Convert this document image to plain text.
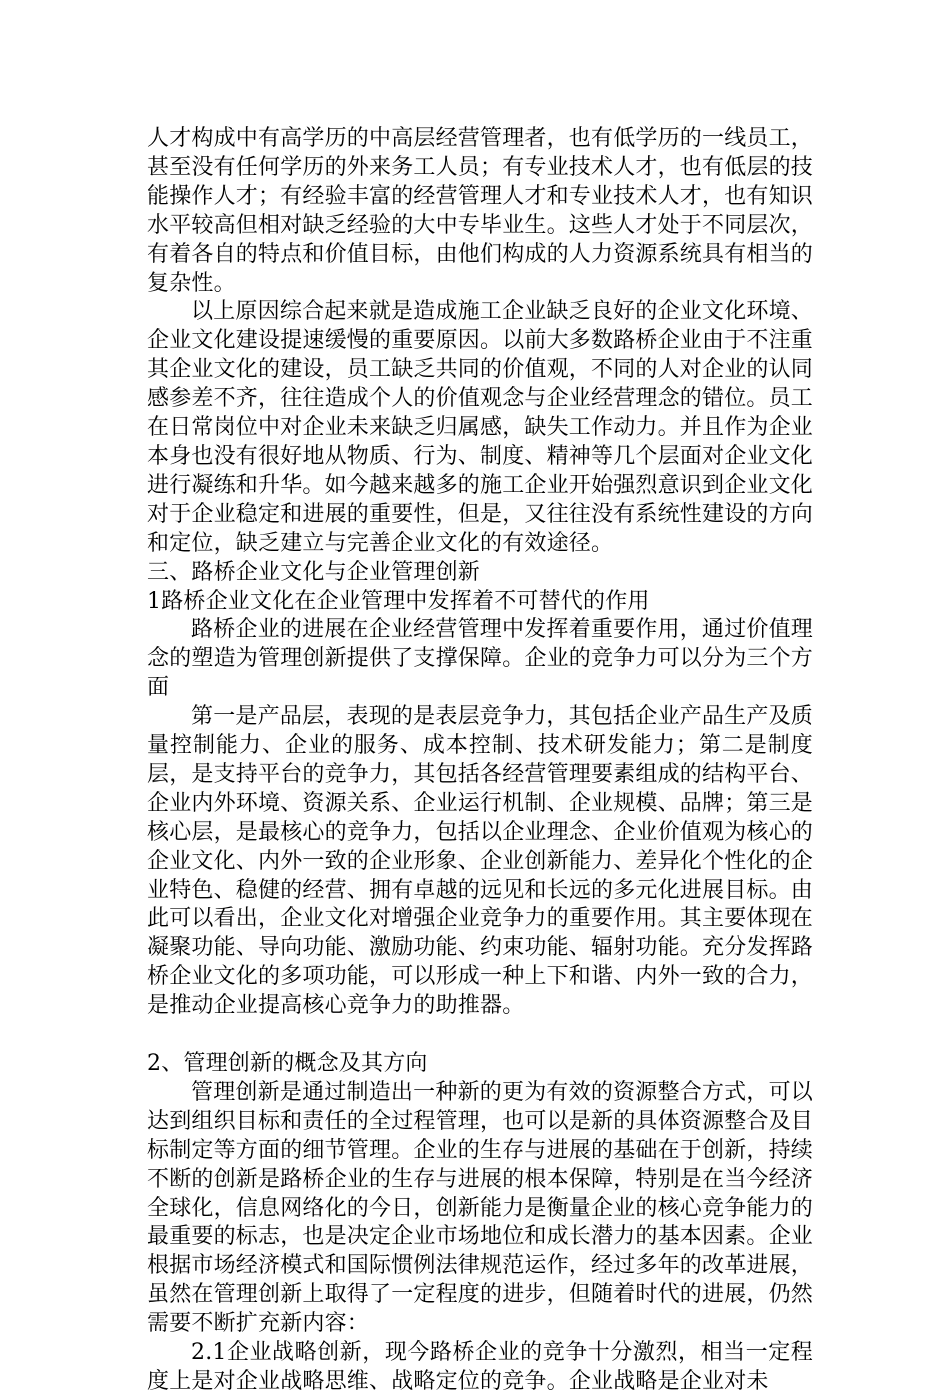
人才构成中有高学历的中高层经营管理者，也有低学历的一线员工，甚至没有任何学历的外来务工人员；有专业技术人才，也有低层的技能操作人才；有经验丰富的经营管理人才和专业技术人才，也有知识水平较高但相对缺乏经验的大中专毕业生。这些人才处于不同层次，有着各自的特点和价值目标，由他们构成的人力资源系统具有相当的复杂性。

以上原因综合起来就是造成施工企业缺乏良好的企业文化环境、企业文化建设提速缓慢的重要原因。以前大多数路桥企业由于不注重其企业文化的建设，员工缺乏共同的价值观，不同的人对企业的认同感参差不齐，往往造成个人的价值观念与企业经营理念的错位。员工在日常岗位中对企业未来缺乏归属感，缺失工作动力。并且作为企业本身也没有很好地从物质、行为、制度、精神等几个层面对企业文化进行凝练和升华。如今越来越多的施工企业开始强烈意识到企业文化对于企业稳定和进展的重要性，但是，又往往没有系统性建设的方向和定位，缺乏建立与完善企业文化的有效途径。

三、路桥企业文化与企业管理创新

1路桥企业文化在企业管理中发挥着不可替代的作用

路桥企业的进展在企业经营管理中发挥着重要作用，通过价值理念的塑造为管理创新提供了支撑保障。企业的竞争力可以分为三个方面

第一是产品层，表现的是表层竞争力，其包括企业产品生产及质量控制能力、企业的服务、成本控制、技术研发能力；第二是制度层，是支持平台的竞争力，其包括各经营管理要素组成的结构平台、企业内外环境、资源关系、企业运行机制、企业规模、品牌；第三是核心层，是最核心的竞争力，包括以企业理念、企业价值观为核心的企业文化、内外一致的企业形象、企业创新能力、差异化个性化的企业特色、稳健的经营、拥有卓越的远见和长远的多元化进展目标。由此可以看出，企业文化对增强企业竞争力的重要作用。其主要体现在凝聚功能、导向功能、激励功能、约束功能、辐射功能。充分发挥路桥企业文化的多项功能，可以形成一种上下和谐、内外一致的合力，是推动企业提高核心竞争力的助推器。

2、管理创新的概念及其方向

管理创新是通过制造出一种新的更为有效的资源整合方式，可以达到组织目标和责任的全过程管理，也可以是新的具体资源整合及目标制定等方面的细节管理。企业的生存与进展的基础在于创新，持续不断的创新是路桥企业的生存与进展的根本保障，特别是在当今经济全球化，信息网络化的今日，创新能力是衡量企业的核心竞争能力的最重要的标志，也是决定企业市场地位和成长潜力的基本因素。企业根据市场经济模式和国际惯例法律规范运作，经过多年的改革进展，虽然在管理创新上取得了一定程度的进步，但随着时代的进展，仍然需要不断扩充新内容：

2.1企业战略创新，现今路桥企业的竞争十分激烈，相当一定程度上是对企业战略思维、战略定位的竞争。企业战略是企业对未
